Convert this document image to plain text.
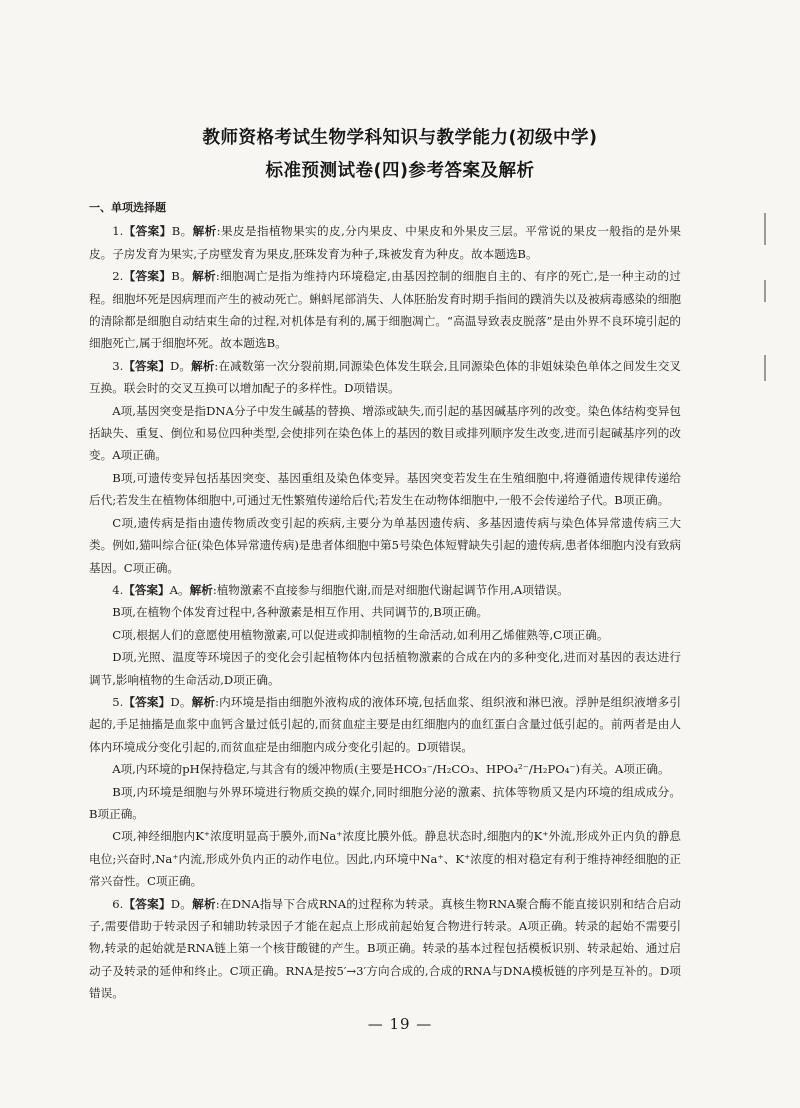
教师资格考试生物学科知识与教学能力(初级中学)
标准预测试卷(四)参考答案及解析
一、单项选择题

1.【答案】B。解析:果皮是指植物果实的皮,分内果皮、中果皮和外果皮三层。平常说的果皮一般指的是外果皮。子房发育为果实,子房壁发育为果皮,胚珠发育为种子,珠被发育为种皮。故本题选B。

2.【答案】B。解析:细胞凋亡是指为维持内环境稳定,由基因控制的细胞自主的、有序的死亡,是一种主动的过程。细胞坏死是因病理而产生的被动死亡。蝌蚪尾部消失、人体胚胎发育时期手指间的蹼消失以及被病毒感染的细胞的清除都是细胞自动结束生命的过程,对机体是有利的,属于细胞凋亡。“高温导致表皮脱落”是由外界不良环境引起的细胞死亡,属于细胞坏死。故本题选B。

3.【答案】D。解析:在减数第一次分裂前期,同源染色体发生联会,且同源染色体的非姐妹染色单体之间发生交叉互换。联会时的交叉互换可以增加配子的多样性。D项错误。

A项,基因突变是指DNA分子中发生碱基的替换、增添或缺失,而引起的基因碱基序列的改变。染色体结构变异包括缺失、重复、倒位和易位四种类型,会使排列在染色体上的基因的数目或排列顺序发生改变,进而引起碱基序列的改变。A项正确。

B项,可遗传变异包括基因突变、基因重组及染色体变异。基因突变若发生在生殖细胞中,将遵循遗传规律传递给后代;若发生在植物体细胞中,可通过无性繁殖传递给后代;若发生在动物体细胞中,一般不会传递给子代。B项正确。

C项,遗传病是指由遗传物质改变引起的疾病,主要分为单基因遗传病、多基因遗传病与染色体异常遗传病三大类。例如,猫叫综合征(染色体异常遗传病)是患者体细胞中第5号染色体短臂缺失引起的遗传病,患者体细胞内没有致病基因。C项正确。

4.【答案】A。解析:植物激素不直接参与细胞代谢,而是对细胞代谢起调节作用,A项错误。

B项,在植物个体发育过程中,各种激素是相互作用、共同调节的,B项正确。

C项,根据人们的意愿使用植物激素,可以促进或抑制植物的生命活动,如利用乙烯催熟等,C项正确。

D项,光照、温度等环境因子的变化会引起植物体内包括植物激素的合成在内的多种变化,进而对基因的表达进行调节,影响植物的生命活动,D项正确。

5.【答案】D。解析:内环境是指由细胞外液构成的液体环境,包括血浆、组织液和淋巴液。浮肿是组织液增多引起的,手足抽搐是血浆中血钙含量过低引起的,而贫血症主要是由红细胞内的血红蛋白含量过低引起的。前两者是由人体内环境成分变化引起的,而贫血症是由细胞内成分变化引起的。D项错误。

A项,内环境的pH保持稳定,与其含有的缓冲物质(主要是HCO₃⁻/H₂CO₃、HPO₄²⁻/H₂PO₄⁻)有关。A项正确。

B项,内环境是细胞与外界环境进行物质交换的媒介,同时细胞分泌的激素、抗体等物质又是内环境的组成成分。B项正确。

C项,神经细胞内K⁺浓度明显高于膜外,而Na⁺浓度比膜外低。静息状态时,细胞内的K⁺外流,形成外正内负的静息电位;兴奋时,Na⁺内流,形成外负内正的动作电位。因此,内环境中Na⁺、K⁺浓度的相对稳定有利于维持神经细胞的正常兴奋性。C项正确。

6.【答案】D。解析:在DNA指导下合成RNA的过程称为转录。真核生物RNA聚合酶不能直接识别和结合启动子,需要借助于转录因子和辅助转录因子才能在起点上形成前起始复合物进行转录。A项正确。转录的起始不需要引物,转录的起始就是RNA链上第一个核苷酸键的产生。B项正确。转录的基本过程包括模板识别、转录起始、通过启动子及转录的延伸和终止。C项正确。RNA是按5′→3′方向合成的,合成的RNA与DNA模板链的序列是互补的。D项错误。

— 19 —
